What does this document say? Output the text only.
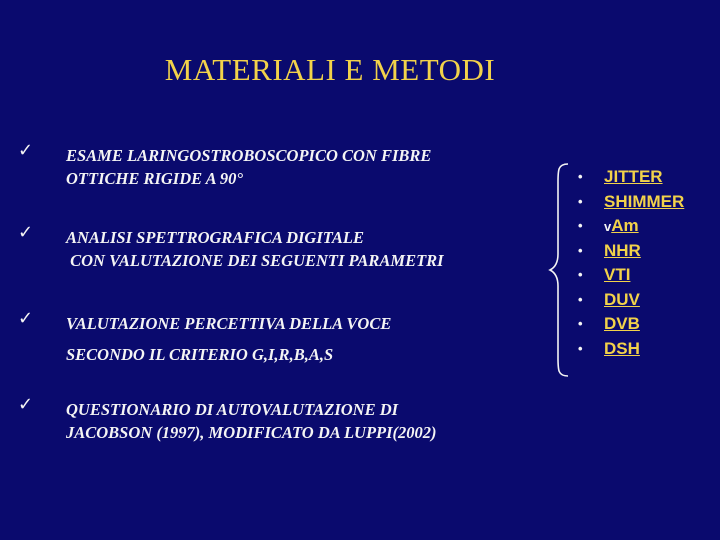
MATERIALI E METODI
✓ ESAME LARINGOSTROBOSCOPICO CON FIBRE
OTTICHE RIGIDE A 90°
✓ ANALISI SPETTROGRAFICA DIGITALE
CON VALUTAZIONE DEI SEGUENTI PARAMETRI
✓ VALUTAZIONE PERCETTIVA DELLA VOCE
SECONDO IL CRITERIO G,I,R,B,A,S
✓ QUESTIONARIO DI AUTOVALUTAZIONE DI
JACOBSON (1997), MODIFICATO DA LUPPI(2002)
• JITTER
• SHIMMER
• vAm
• NHR
• VTI
• DUV
• DVB
• DSH
